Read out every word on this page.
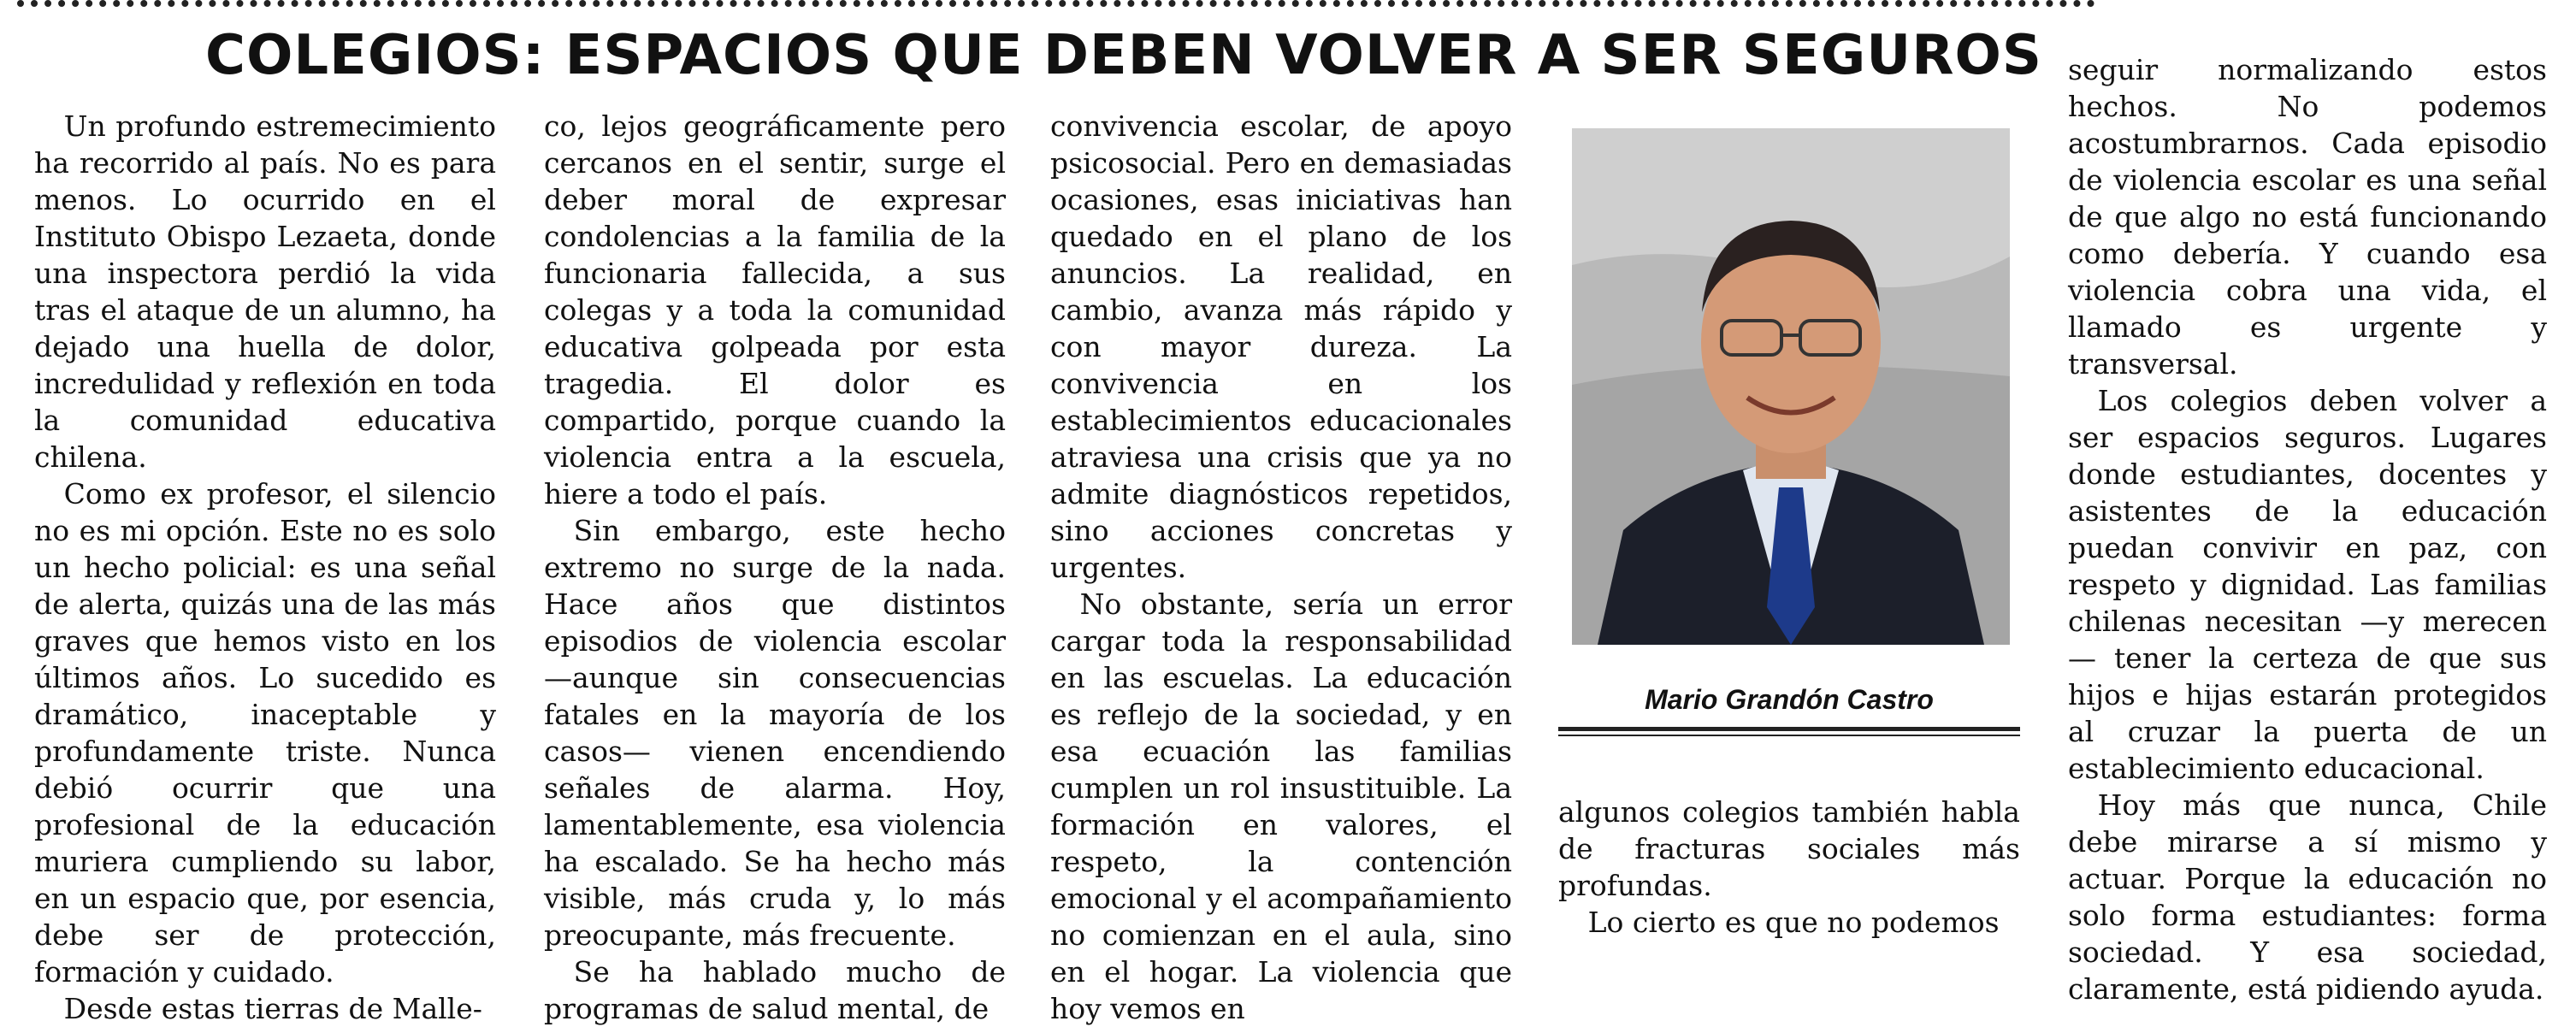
COLEGIOS: ESPACIOS QUE DEBEN VOLVER A SER SEGUROS

Un profundo estremecimiento ha recorrido al país. No es para menos. Lo ocurrido en el Instituto Obispo Lezaeta, donde una inspectora perdió la vida tras el ataque de un alumno, ha dejado una huella de dolor, incredulidad y reflexión en toda la comunidad educativa chilena.

Como ex profesor, el silencio no es mi opción. Este no es solo un hecho policial: es una señal de alerta, quizás una de las más graves que hemos visto en los últimos años. Lo sucedido es dramático, inaceptable y profundamente triste. Nunca debió ocurrir que una profesional de la educación muriera cumpliendo su labor, en un espacio que, por esencia, debe ser de protección, formación y cuidado.

Desde estas tierras de Malle-

co, lejos geográficamente pero cercanos en el sentir, surge el deber moral de expresar condolencias a la familia de la funcionaria fallecida, a sus colegas y a toda la comunidad educativa golpeada por esta tragedia. El dolor es compartido, porque cuando la violencia entra a la escuela, hiere a todo el país.

Sin embargo, este hecho extremo no surge de la nada. Hace años que distintos episodios de violencia escolar —aunque sin consecuencias fatales en la mayoría de los casos— vienen encendiendo señales de alarma. Hoy, lamentablemente, esa violencia ha escalado. Se ha hecho más visible, más cruda y, lo más preocupante, más frecuente.

Se ha hablado mucho de programas de salud mental, de

convivencia escolar, de apoyo psicosocial. Pero en demasiadas ocasiones, esas iniciativas han quedado en el plano de los anuncios. La realidad, en cambio, avanza más rápido y con mayor dureza. La convivencia en los establecimientos educacionales atraviesa una crisis que ya no admite diagnósticos repetidos, sino acciones concretas y urgentes.

No obstante, sería un error cargar toda la responsabilidad en las escuelas. La educación es reflejo de la sociedad, y en esa ecuación las familias cumplen un rol insustituible. La formación en valores, el respeto, la contención emocional y el acompañamiento no comienzan en el aula, sino en el hogar. La violencia que hoy vemos en

Mario Grandón Castro

algunos colegios también habla de fracturas sociales más profundas.

Lo cierto es que no podemos

seguir normalizando estos hechos. No podemos acostumbrarnos. Cada episodio de violencia escolar es una señal de que algo no está funcionando como debería. Y cuando esa violencia cobra una vida, el llamado es urgente y transversal.

Los colegios deben volver a ser espacios seguros. Lugares donde estudiantes, docentes y asistentes de la educación puedan convivir en paz, con respeto y dignidad. Las familias chilenas necesitan —y merecen— tener la certeza de que sus hijos e hijas estarán protegidos al cruzar la puerta de un establecimiento educacional.

Hoy más que nunca, Chile debe mirarse a sí mismo y actuar. Porque la educación no solo forma estudiantes: forma sociedad. Y esa sociedad, claramente, está pidiendo ayuda.
